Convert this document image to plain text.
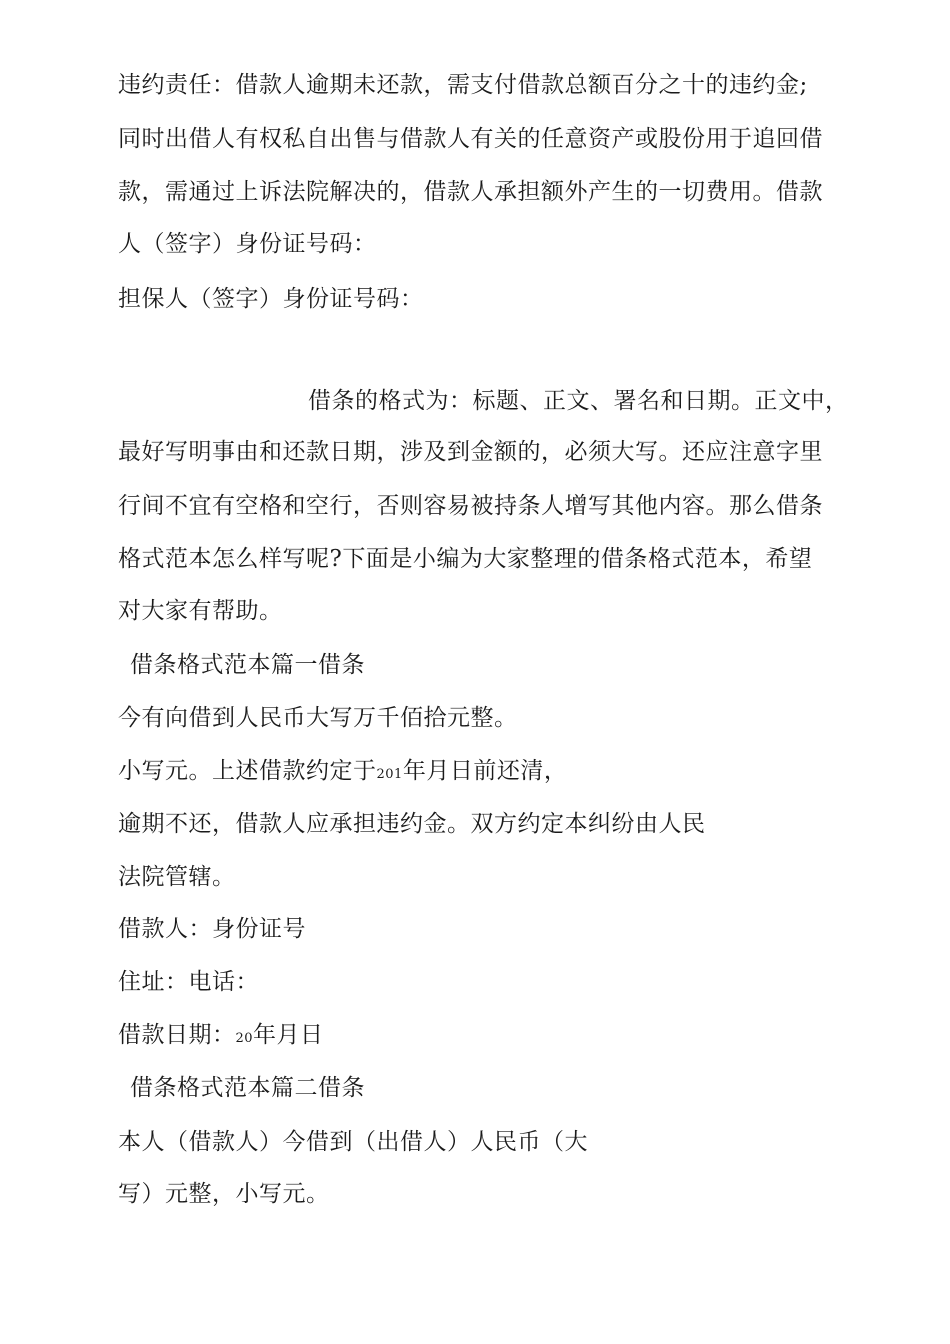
违约责任：借款人逾期未还款，需支付借款总额百分之十的违约金;

同时出借人有权私自出售与借款人有关的任意资产或股份用于追回借

款，需通过上诉法院解决的，借款人承担额外产生的一切费用。借款

人（签字）身份证号码：

担保人（签字）身份证号码：

借条的格式为：标题、正文、署名和日期。正文中，

最好写明事由和还款日期，涉及到金额的，必须大写。还应注意字里

行间不宜有空格和空行，否则容易被持条人增写其他内容。那么借条

格式范本怎么样写呢?下面是小编为大家整理的借条格式范本，希望

对大家有帮助。

借条格式范本篇一借条

今有向借到人民币大写万千佰拾元整。

小写元。上述借款约定于201年月日前还清，

逾期不还，借款人应承担违约金。双方约定本纠纷由人民

法院管辖。

借款人：身份证号

住址：电话：

借款日期：20年月日

借条格式范本篇二借条

本人（借款人）今借到（出借人）人民币（大

写）元整，小写元。
